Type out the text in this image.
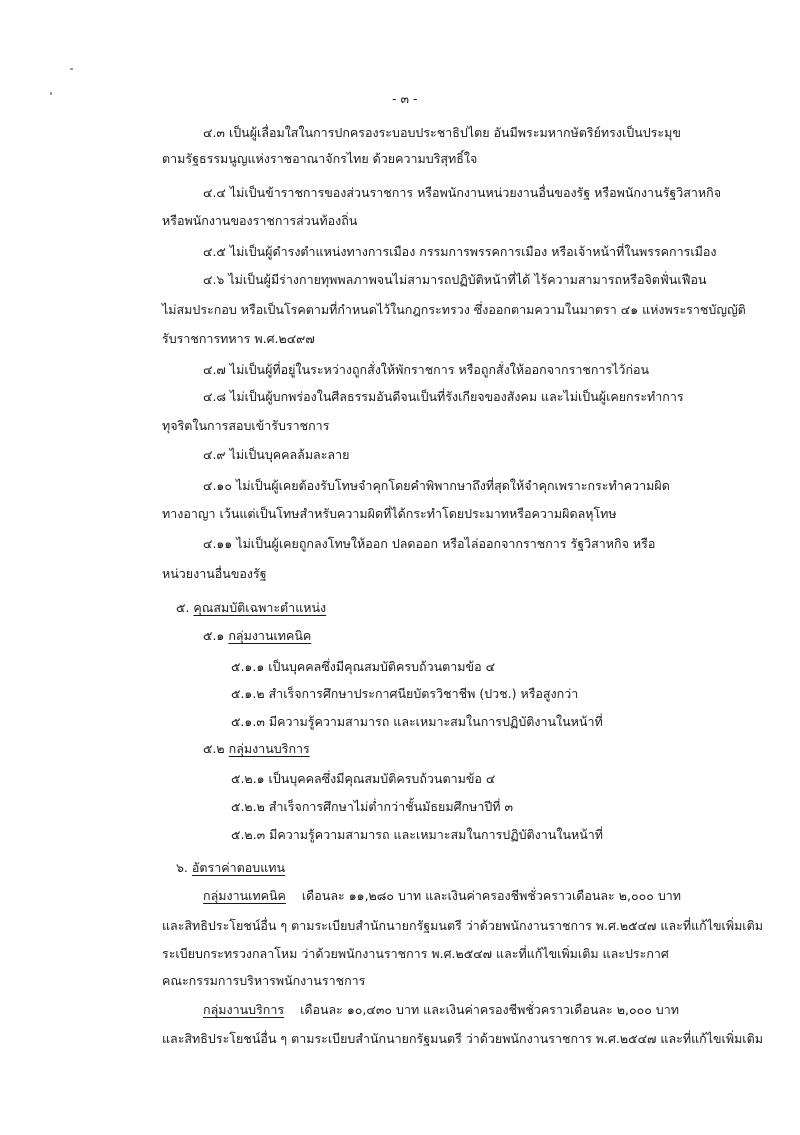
- ๓ -
๔.๓ เป็นผู้เลื่อมใสในการปกครองระบอบประชาธิปไตย อันมีพระมหากษัตริย์ทรงเป็นประมุข
ตามรัฐธรรมนูญแห่งราชอาณาจักรไทย ด้วยความบริสุทธิ์ใจ
๔.๔ ไม่เป็นข้าราชการของส่วนราชการ หรือพนักงานหน่วยงานอื่นของรัฐ หรือพนักงานรัฐวิสาหกิจ
หรือพนักงานของราชการส่วนท้องถิ่น
๔.๕ ไม่เป็นผู้ดำรงตำแหน่งทางการเมือง กรรมการพรรคการเมือง หรือเจ้าหน้าที่ในพรรคการเมือง
๔.๖ ไม่เป็นผู้มีร่างกายทุพพลภาพจนไม่สามารถปฏิบัติหน้าที่ได้ ไร้ความสามารถหรือจิตฟั่นเฟือน
ไม่สมประกอบ หรือเป็นโรคตามที่กำหนดไว้ในกฎกระทรวง ซึ่งออกตามความในมาตรา ๔๑ แห่งพระราชบัญญัติ
รับราชการทหาร พ.ศ.๒๔๙๗
๔.๗ ไม่เป็นผู้ที่อยู่ในระหว่างถูกสั่งให้พักราชการ หรือถูกสั่งให้ออกจากราชการไว้ก่อน
๔.๘ ไม่เป็นผู้บกพร่องในศีลธรรมอันดีจนเป็นที่รังเกียจของสังคม และไม่เป็นผู้เคยกระทำการ
ทุจริตในการสอบเข้ารับราชการ
๔.๙ ไม่เป็นบุคคลล้มละลาย
๔.๑๐ ไม่เป็นผู้เคยต้องรับโทษจำคุกโดยคำพิพากษาถึงที่สุดให้จำคุกเพราะกระทำความผิด
ทางอาญา เว้นแต่เป็นโทษสำหรับความผิดที่ได้กระทำโดยประมาทหรือความผิดลหุโทษ
๔.๑๑ ไม่เป็นผู้เคยถูกลงโทษให้ออก ปลดออก หรือไล่ออกจากราชการ รัฐวิสาหกิจ หรือ
หน่วยงานอื่นของรัฐ
๕. คุณสมบัติเฉพาะตำแหน่ง
๕.๑ กลุ่มงานเทคนิค
๕.๑.๑ เป็นบุคคลซึ่งมีคุณสมบัติครบถ้วนตามข้อ ๔
๕.๑.๒ สำเร็จการศึกษาประกาศนียบัตรวิชาชีพ (ปวช.) หรือสูงกว่า
๕.๑.๓ มีความรู้ความสามารถ และเหมาะสมในการปฏิบัติงานในหน้าที่
๕.๒ กลุ่มงานบริการ
๕.๒.๑ เป็นบุคคลซึ่งมีคุณสมบัติครบถ้วนตามข้อ ๔
๕.๒.๒ สำเร็จการศึกษาไม่ต่ำกว่าชั้นมัธยมศึกษาปีที่ ๓
๕.๒.๓ มีความรู้ความสามารถ และเหมาะสมในการปฏิบัติงานในหน้าที่
๖. อัตราค่าตอบแทน
กลุ่มงานเทคนิค เดือนละ ๑๑,๒๘๐ บาท และเงินค่าครองชีพชั่วคราวเดือนละ ๒,๐๐๐ บาท
และสิทธิประโยชน์อื่น ๆ ตามระเบียบสำนักนายกรัฐมนตรี ว่าด้วยพนักงานราชการ พ.ศ.๒๕๔๗ และที่แก้ไขเพิ่มเติม
ระเบียบกระทรวงกลาโหม ว่าด้วยพนักงานราชการ พ.ศ.๒๕๔๗ และที่แก้ไขเพิ่มเติม และประกาศ
คณะกรรมการบริหารพนักงานราชการ
กลุ่มงานบริการ เดือนละ ๑๐,๔๓๐ บาท และเงินค่าครองชีพชั่วคราวเดือนละ ๒,๐๐๐ บาท
และสิทธิประโยชน์อื่น ๆ ตามระเบียบสำนักนายกรัฐมนตรี ว่าด้วยพนักงานราชการ พ.ศ.๒๕๔๗ และที่แก้ไขเพิ่มเติม
